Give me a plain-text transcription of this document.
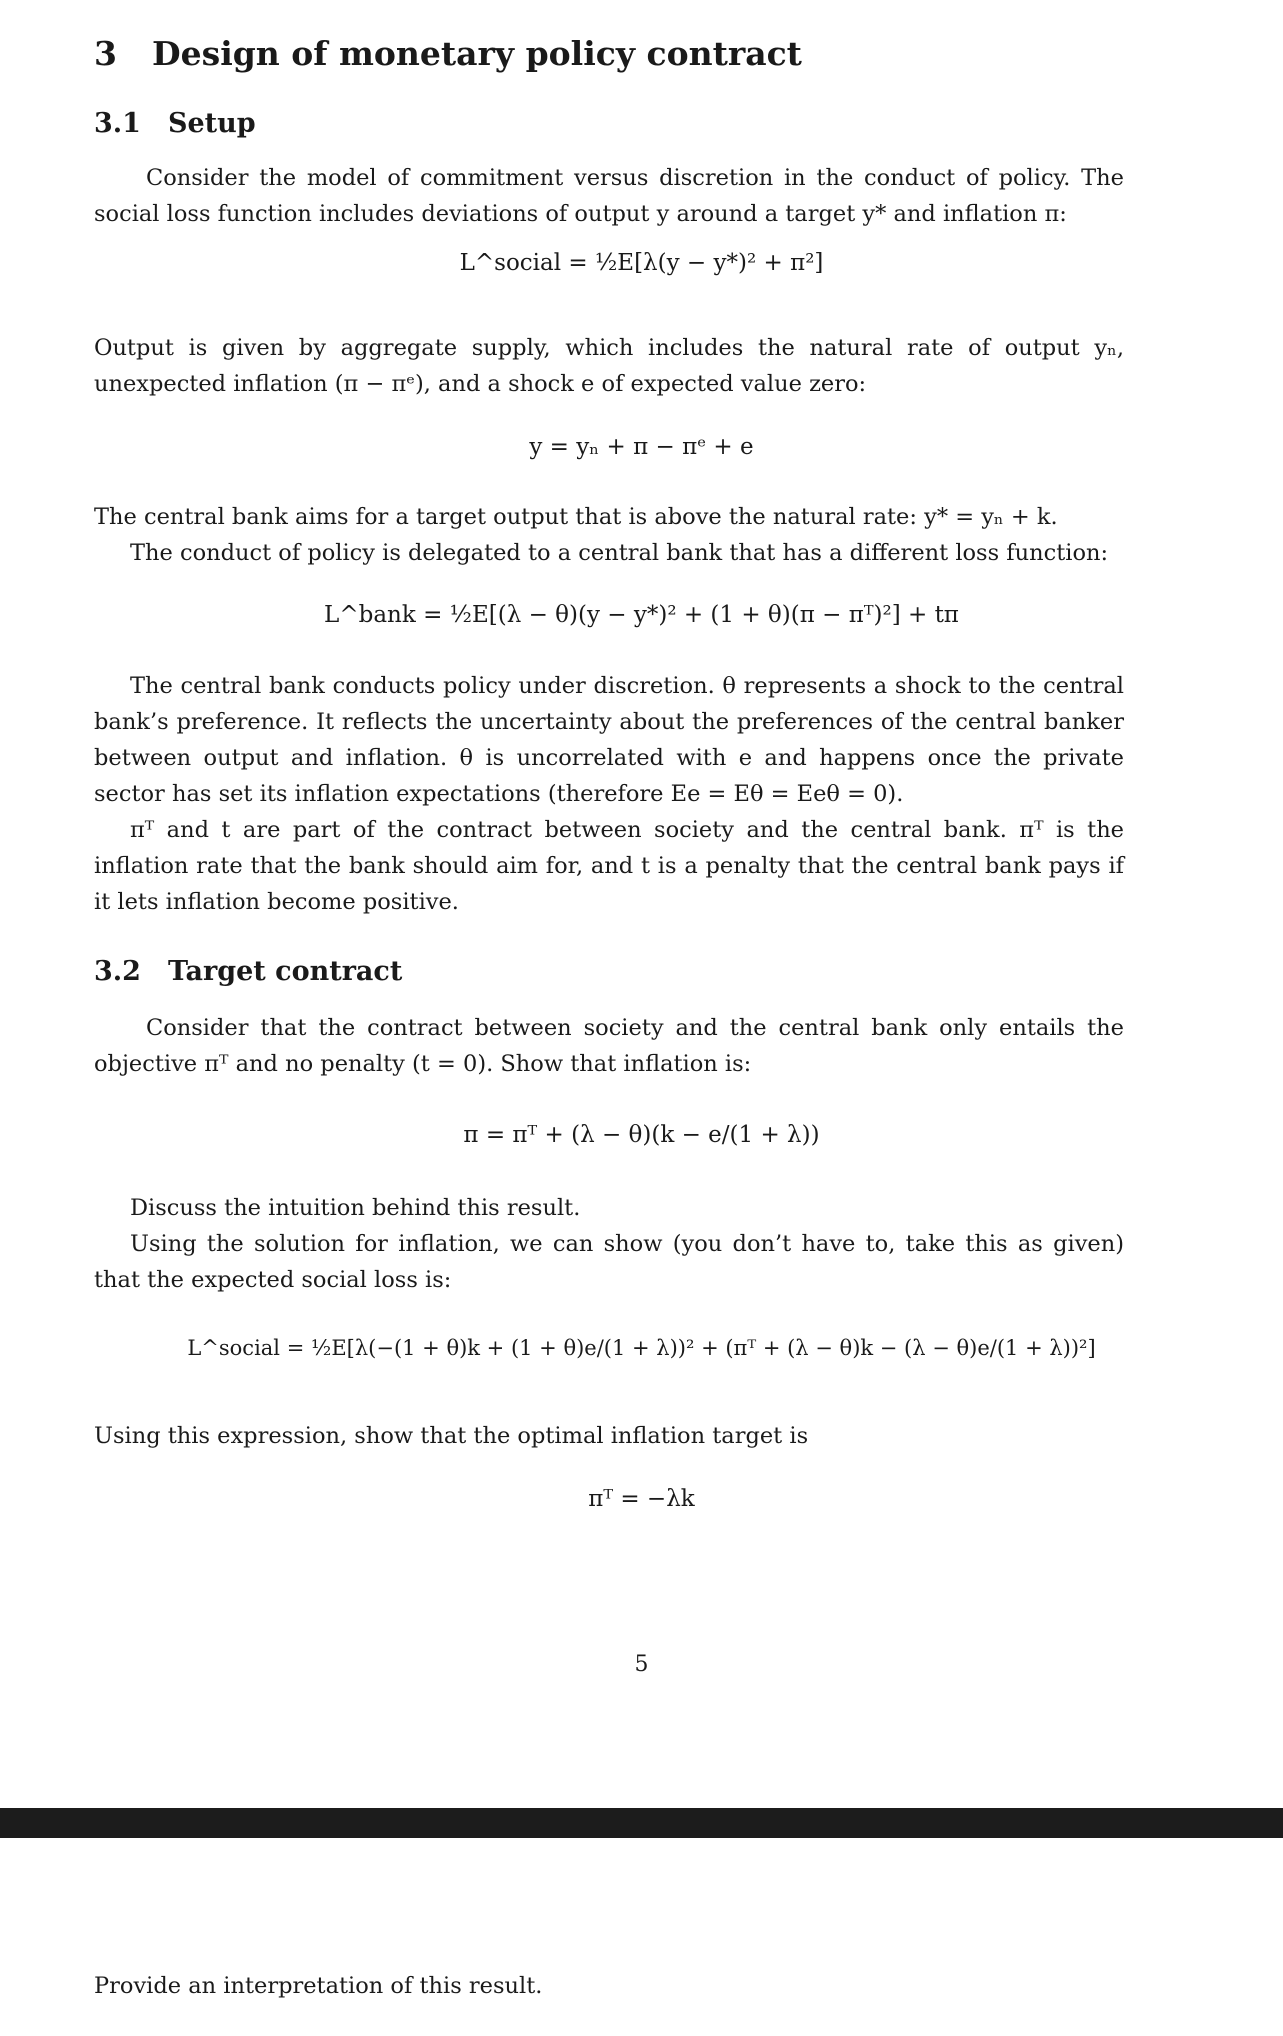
3 Design of monetary policy contract
3.1 Setup
Consider the model of commitment versus discretion in the conduct of policy. The social loss function includes deviations of output y around a target y* and inflation π:
L^social = ½E[λ(y − y*)² + π²]
Output is given by aggregate supply, which includes the natural rate of output yₙ, unexpected inflation (π − πᵉ), and a shock e of expected value zero:
y = yₙ + π − πᵉ + e
The central bank aims for a target output that is above the natural rate: y* = yₙ + k.
The conduct of policy is delegated to a central bank that has a different loss function:
L^bank = ½E[(λ − θ)(y − y*)² + (1 + θ)(π − πᵀ)²] + tπ
The central bank conducts policy under discretion. θ represents a shock to the central bank’s preference. It reflects the uncertainty about the preferences of the central banker between output and inflation. θ is uncorrelated with e and happens once the private sector has set its inflation expectations (therefore Ee = Eθ = Eeθ = 0).
πᵀ and t are part of the contract between society and the central bank. πᵀ is the inflation rate that the bank should aim for, and t is a penalty that the central bank pays if it lets inflation become positive.
3.2 Target contract
Consider that the contract between society and the central bank only entails the objective πᵀ and no penalty (t = 0). Show that inflation is:
π = πᵀ + (λ − θ)(k − e/(1 + λ))
Discuss the intuition behind this result.
Using the solution for inflation, we can show (you don’t have to, take this as given) that the expected social loss is:
L^social = ½E[λ(−(1 + θ)k + (1 + θ)e/(1 + λ))² + (πᵀ + (λ − θ)k − (λ − θ)e/(1 + λ))²]
Using this expression, show that the optimal inflation target is
πᵀ = −λk
5
Provide an interpretation of this result.
